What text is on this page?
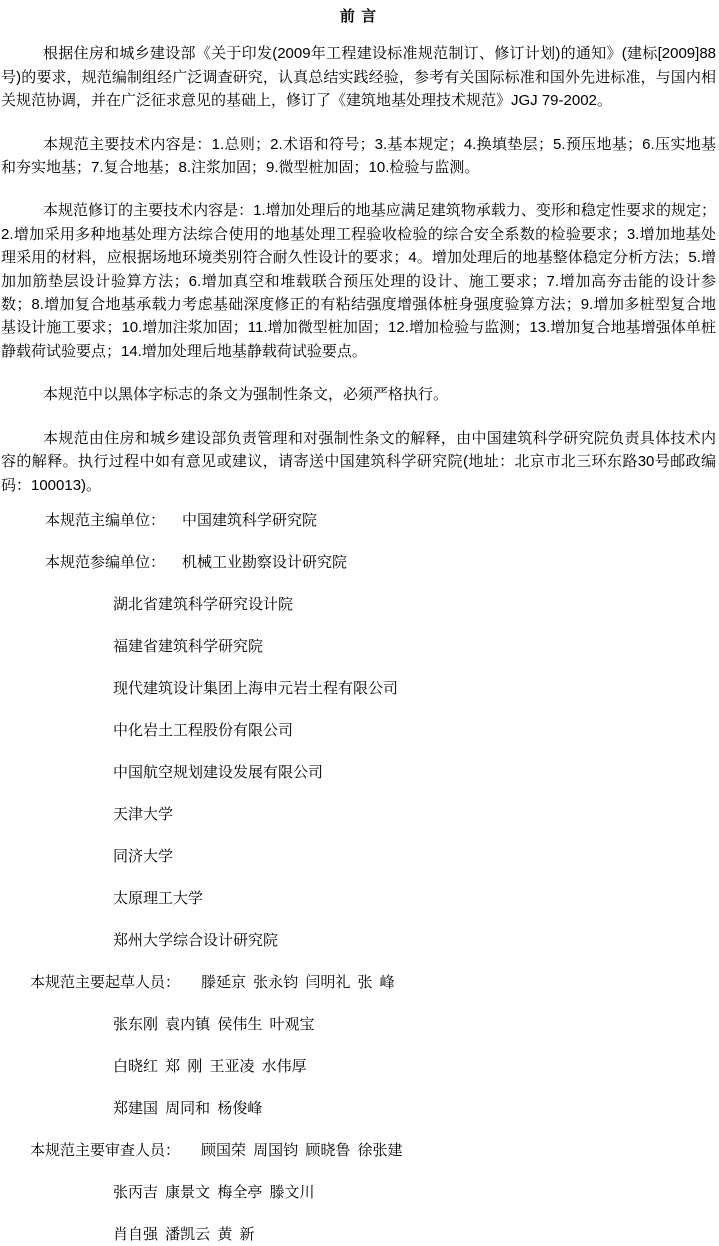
前 言

根据住房和城乡建设部《关于印发(2009年工程建设标准规范制订、修订计划)的通知》(建标[2009]88号)的要求，规范编制组经广泛调查研究，认真总结实践经验，参考有关国际标准和国外先进标准，与国内相关规范协调，并在广泛征求意见的基础上，修订了《建筑地基处理技术规范》JGJ 79-2002。

本规范主要技术内容是：1.总则；2.术语和符号；3.基本规定；4.换填垫层；5.预压地基；6.压实地基和夯实地基；7.复合地基；8.注浆加固；9.微型桩加固；10.检验与监测。

本规范修订的主要技术内容是：1.增加处理后的地基应满足建筑物承载力、变形和稳定性要求的规定；2.增加采用多种地基处理方法综合使用的地基处理工程验收检验的综合安全系数的检验要求；3.增加地基处理采用的材料，应根据场地环境类别符合耐久性设计的要求；4。增加处理后的地基整体稳定分析方法；5.增加加筋垫层设计验算方法；6.增加真空和堆载联合预压处理的设计、施工要求；7.增加高夯击能的设计参数；8.增加复合地基承载力考虑基础深度修正的有粘结强度增强体桩身强度验算方法；9.增加多桩型复合地基设计施工要求；10.增加注浆加固；11.增加微型桩加固；12.增加检验与监测；13.增加复合地基增强体单桩静载荷试验要点；14.增加处理后地基静载荷试验要点。

本规范中以黑体字标志的条文为强制性条文，必须严格执行。

本规范由住房和城乡建设部负责管理和对强制性条文的解释，由中国建筑科学研究院负责具体技术内容的解释。执行过程中如有意见或建议，请寄送中国建筑科学研究院(地址：北京市北三环东路30号邮政编码：100013)。

本规范主编单位： 中国建筑科学研究院
本规范参编单位： 机械工业勘察设计研究院
湖北省建筑科学研究设计院
福建省建筑科学研究院
现代建筑设计集团上海申元岩土程有限公司
中化岩土工程股份有限公司
中国航空规划建设发展有限公司
天津大学
同济大学
太原理工大学
郑州大学综合设计研究院
本规范主要起草人员： 滕延京 张永钧 闫明礼 张 峰
张东刚 袁内镇 侯伟生 叶观宝
白晓红 郑 刚 王亚凌 水伟厚
郑建国 周同和 杨俊峰
本规范主要审查人员： 顾国荣 周国钧 顾晓鲁 徐张建
张丙吉 康景文 梅全亭 滕文川
肖自强 潘凯云 黄 新
